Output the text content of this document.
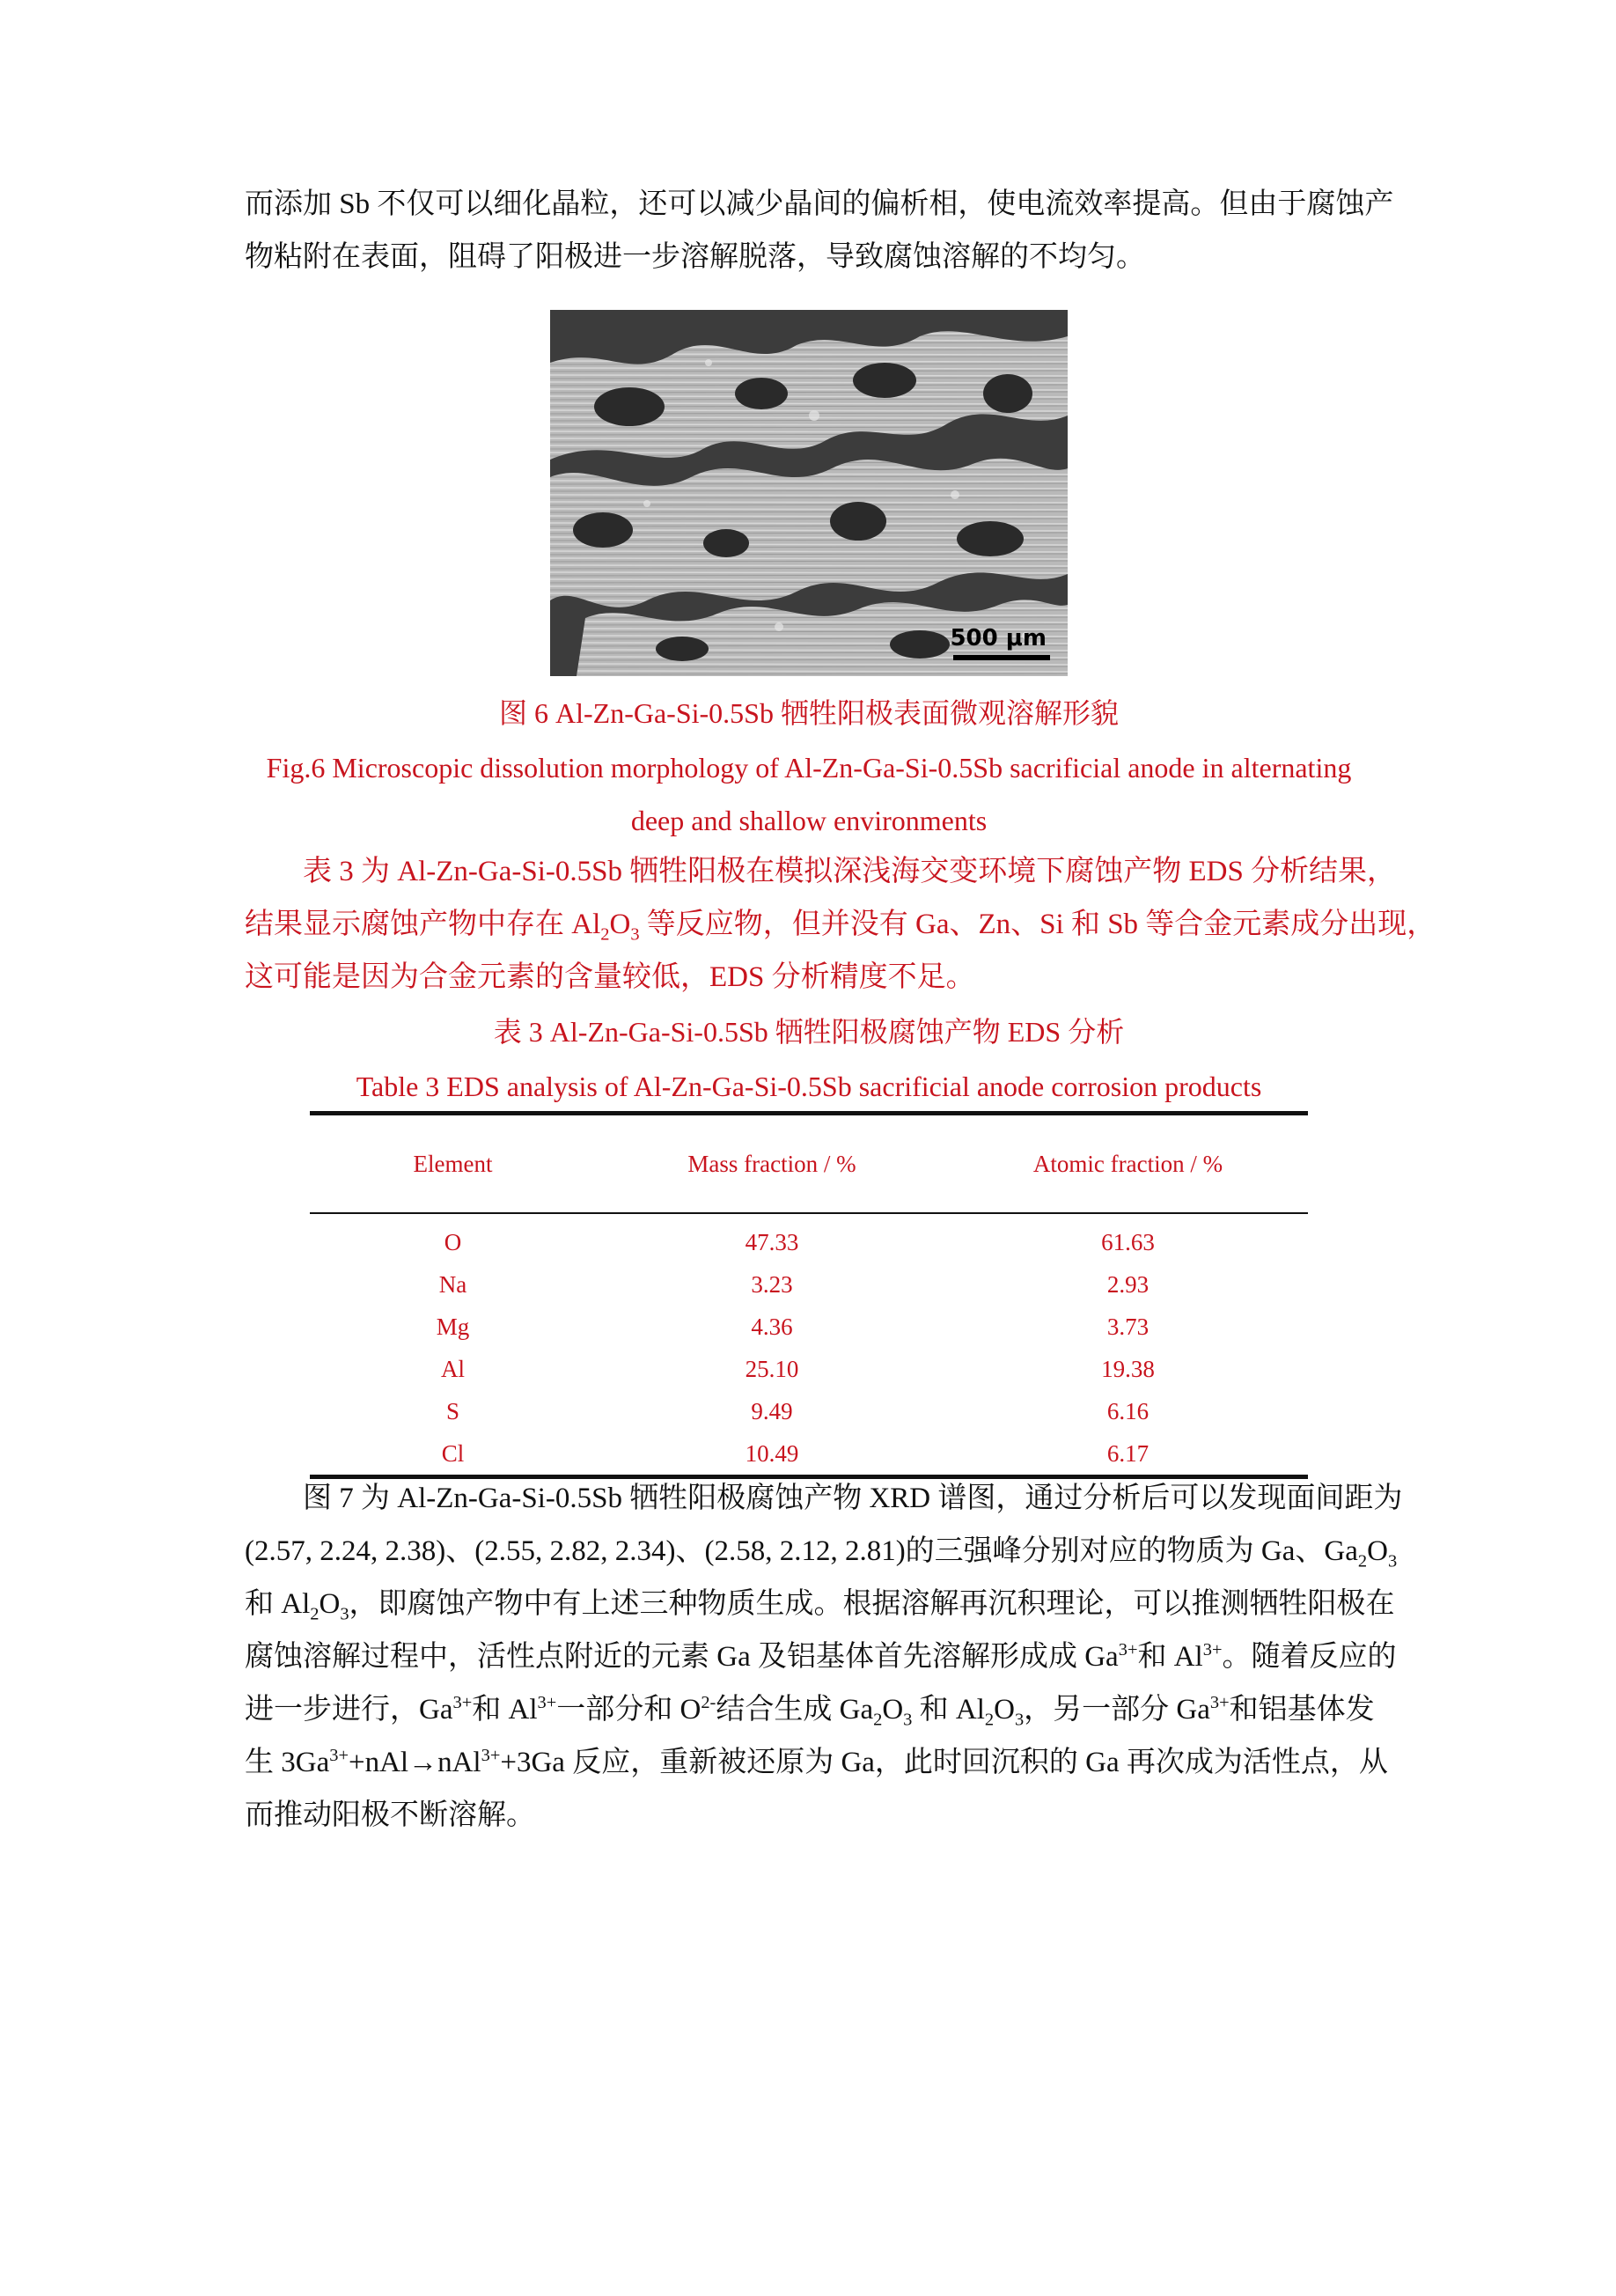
而添加 Sb 不仅可以细化晶粒，还可以减少晶间的偏析相，使电流效率提高。但由于腐蚀产
物粘附在表面，阻碍了阳极进一步溶解脱落，导致腐蚀溶解的不均匀。
500 μm
图 6 Al-Zn-Ga-Si-0.5Sb 牺牲阳极表面微观溶解形貌
Fig.6 Microscopic dissolution morphology of Al-Zn-Ga-Si-0.5Sb sacrificial anode in alternating
deep and shallow environments
表 3 为 Al-Zn-Ga-Si-0.5Sb 牺牲阳极在模拟深浅海交变环境下腐蚀产物 EDS 分析结果，
结果显示腐蚀产物中存在 $Al_2O_3$ 等反应物，但并没有 Ga、Zn、Si 和 Sb 等合金元素成分出现，
这可能是因为合金元素的含量较低，EDS 分析精度不足。
表 3 Al-Zn-Ga-Si-0.5Sb 牺牲阳极腐蚀产物 EDS 分析
Table 3 EDS analysis of Al-Zn-Ga-Si-0.5Sb sacrificial anode corrosion products
Element	Mass fraction / %	Atomic fraction / %
O	47.33	61.63
Na	3.23	2.93
Mg	4.36	3.73
Al	25.10	19.38
S	9.49	6.16
Cl	10.49	6.17
图 7 为 Al-Zn-Ga-Si-0.5Sb 牺牲阳极腐蚀产物 XRD 谱图，通过分析后可以发现面间距为
(2.57, 2.24, 2.38)、(2.55, 2.82, 2.34)、(2.58, 2.12, 2.81)的三强峰分别对应的物质为 Ga、$Ga_2O_3$
和 $Al_2O_3$，即腐蚀产物中有上述三种物质生成。根据溶解再沉积理论，可以推测牺牲阳极在
腐蚀溶解过程中，活性点附近的元素 Ga 及铝基体首先溶解形成成 $Ga^{3+}$和 $Al^{3+}$。随着反应的
进一步进行，$Ga^{3+}$和 $Al^{3+}$一部分和 $O^{2-}$结合生成 $Ga_2O_3$ 和 $Al_2O_3$，另一部分 $Ga^{3+}$和铝基体发
生 $3Ga^{3+}+nAl\to nAl^{3+}+3Ga$ 反应，重新被还原为 Ga，此时回沉积的 Ga 再次成为活性点，从
而推动阳极不断溶解。
